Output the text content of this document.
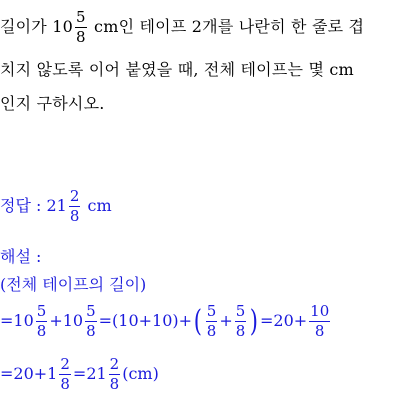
길이가 $10 \frac{5}{8}$ cm인 테이프 2개를 나란히 한 줄로 겹
치지 않도록 이어 붙였을 때, 전체 테이프는 몇 cm
인지 구하시오.
정답 : $21 \frac{2}{8}$ cm
해설 :
(전체 테이프의 길이)
$=10 \frac{5}{8} +10 \frac{5}{8} =(10+10)+( \frac{5}{8} + \frac{5}{8}$ ) $=20+ \frac{10}{8}$
$=20+1 \frac{2}{8} =21 \frac{2}{8} (cm)$
